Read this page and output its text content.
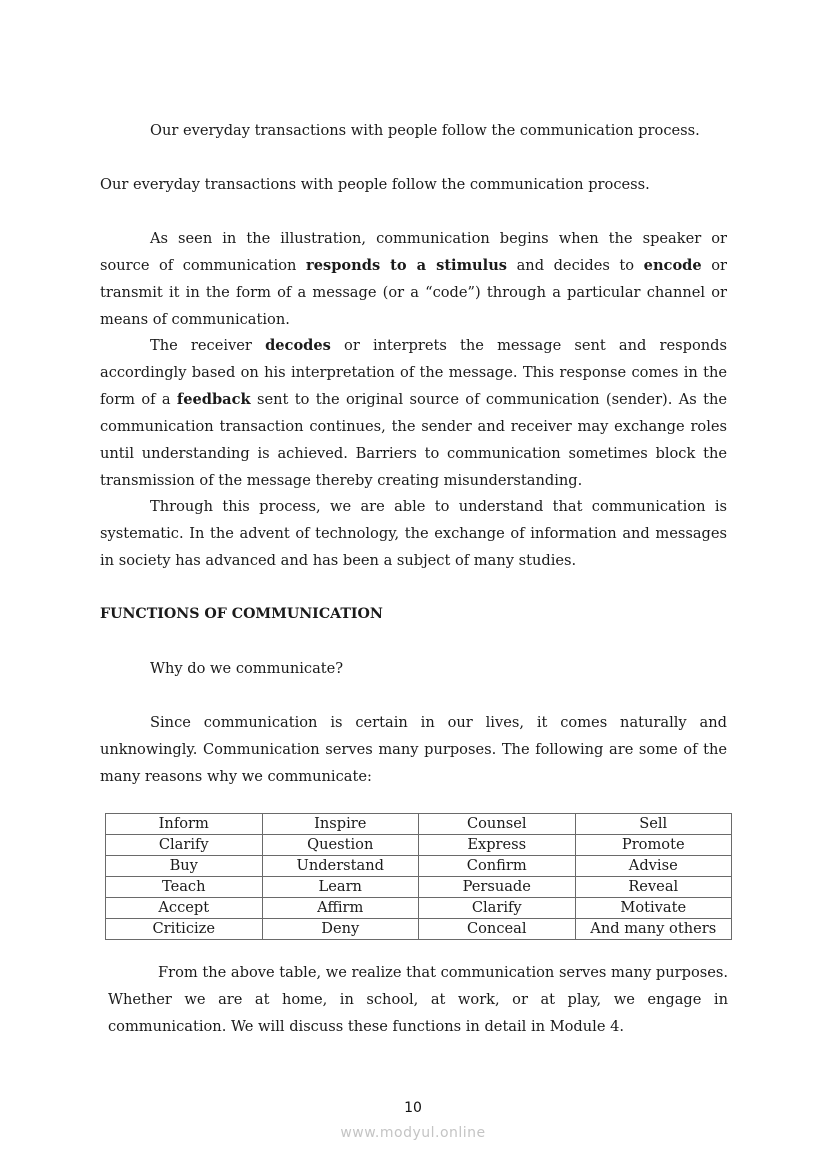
Our everyday transactions with people follow the communication process.
Our everyday transactions with people follow the communication process.
As seen in the illustration, communication begins when the speaker or source of communication responds to a stimulus and decides to encode or transmit it in the form of a message (or a “code”) through a particular channel or means of communication.
The receiver decodes or interprets the message sent and responds accordingly based on his interpretation of the message. This response comes in the form of a feedback sent to the original source of communication (sender). As the communication transaction continues, the sender and receiver may exchange roles until understanding is achieved. Barriers to communication sometimes block the transmission of the message thereby creating misunderstanding.
Through this process, we are able to understand that communication is systematic. In the advent of technology, the exchange of information and messages in society has advanced and has been a subject of many studies.
FUNCTIONS OF COMMUNICATION
Why do we communicate?
Since communication is certain in our lives, it comes naturally and unknowingly. Communication serves many purposes. The following are some of the many reasons why we communicate:
Inform	Inspire	Counsel	Sell
Clarify	Question	Express	Promote
Buy	Understand	Confirm	Advise
Teach	Learn	Persuade	Reveal
Accept	Affirm	Clarify	Motivate
Criticize	Deny	Conceal	And many others
From the above table, we realize that communication serves many purposes. Whether we are at home, in school, at work, or at play, we engage in communication. We will discuss these functions in detail in Module 4.
10
www.modyul.online
